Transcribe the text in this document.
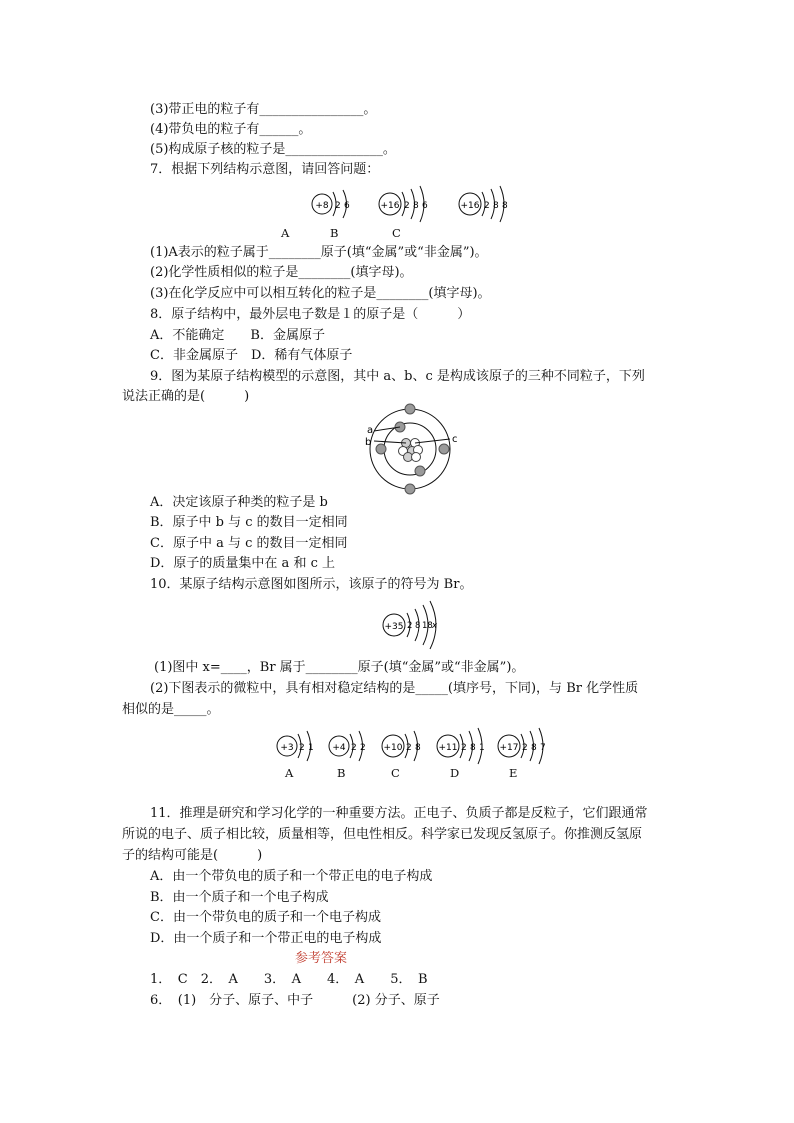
(3)带正电的粒子有________________。
(4)带负电的粒子有______。
(5)构成原子核的粒子是_______________。
7．根据下列结构示意图，请回答问题：
+8 2 6	+16 2 8 6	+16 2 8 8
A	B	C
(1)A表示的粒子属于________原子(填“金属”或“非金属”)。
(2)化学性质相似的粒子是________(填字母)。
(3)在化学反应中可以相互转化的粒子是________(填字母)。
8．原子结构中，最外层电子数是１的原子是（　　　）
A．不能确定　　B．金属原子
C．非金属原子　D．稀有气体原子
9．图为某原子结构模型的示意图，其中 a、b、c 是构成该原子的三种不同粒子，下列
说法正确的是(　　　)
a
b	c
A．决定该原子种类的粒子是 b
B．原子中 b 与 c 的数目一定相同
C．原子中 a 与 c 的数目一定相同
D．原子的质量集中在 a 和 c 上
10．某原子结构示意图如图所示，该原子的符号为 Br。
+35 2 8 18 x
(1)图中 x=____，Br 属于________原子(填“金属”或“非金属”)。
(2)下图表示的微粒中，具有相对稳定结构的是_____(填序号，下同)，与 Br 化学性质
相似的是_____。
+3 2 1 +4 2 2 +10 2 8 +11 2 8 1 +17 2 8 7
A	B	C	D	E
11．推理是研究和学习化学的一种重要方法。正电子、负质子都是反粒子，它们跟通常
所说的电子、质子相比较，质量相等，但电性相反。科学家已发现反氢原子。你推测反氢原
子的结构可能是(　　　)
A．由一个带负电的质子和一个带正电的电子构成
B．由一个质子和一个电子构成
C．由一个带负电的质子和一个电子构成
D．由一个质子和一个带正电的电子构成
参考答案
1．　C　2．　A　　3．　A　　4．　A　　5．　B
6．　(1)　分子、原子、中子　　　(2) 分子、原子
